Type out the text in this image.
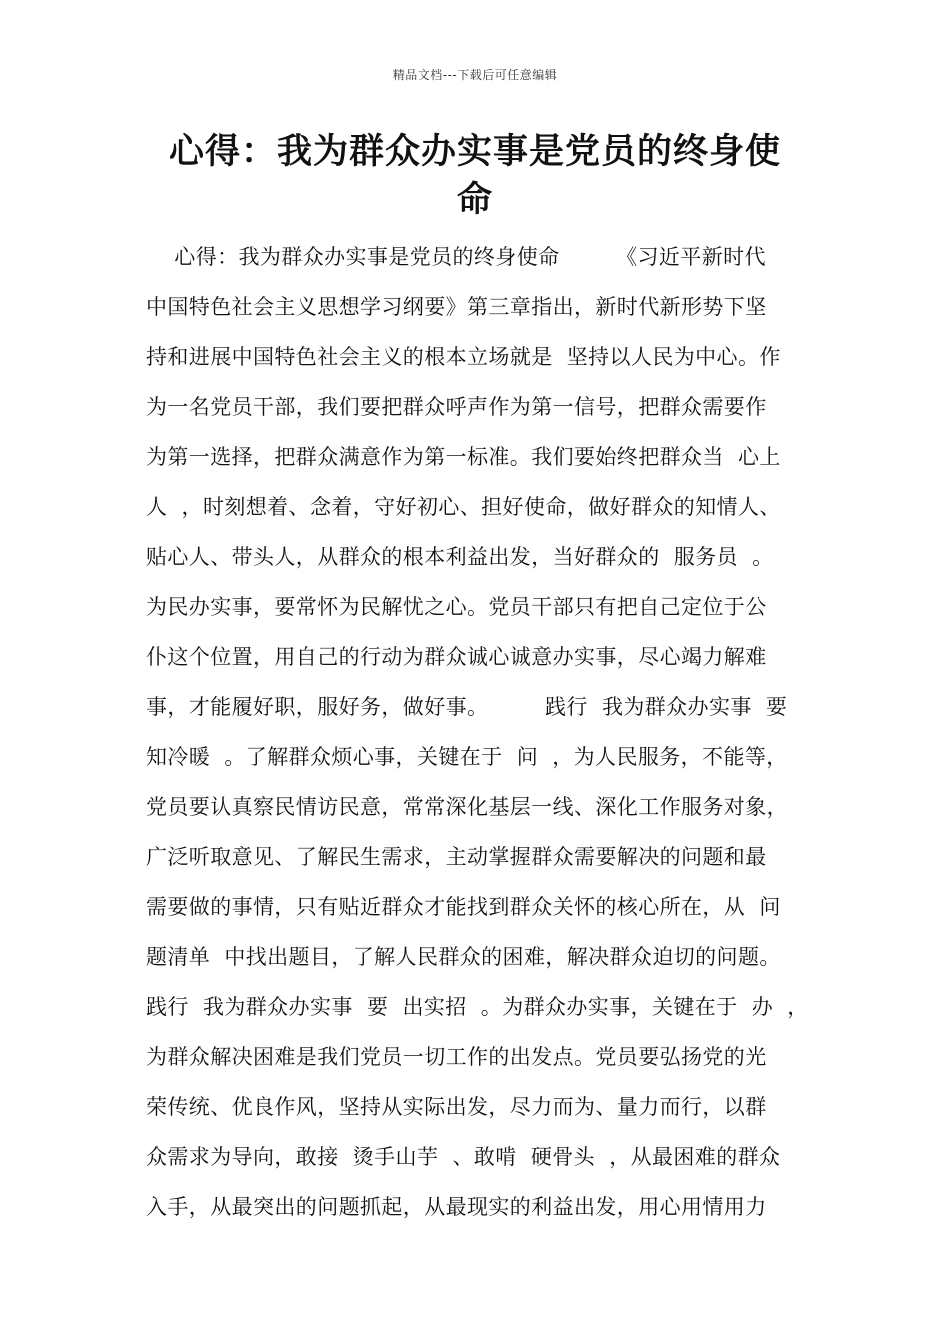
精品文档---下载后可任意编辑
心得：我为群众办实事是党员的终身使
命
心得：我为群众办实事是党员的终身使命        《习近平新时代
中国特色社会主义思想学习纲要》第三章指出，新时代新形势下坚
持和进展中国特色社会主义的根本立场就是  坚持以人民为中心。作
为一名党员干部，我们要把群众呼声作为第一信号，把群众需要作
为第一选择，把群众满意作为第一标准。我们要始终把群众当  心上
人  ，时刻想着、念着，守好初心、担好使命，做好群众的知情人、
贴心人、带头人，从群众的根本利益出发，当好群众的  服务员  。
为民办实事，要常怀为民解忧之心。党员干部只有把自己定位于公
仆这个位置，用自己的行动为群众诚心诚意办实事，尽心竭力解难
事，才能履好职，服好务，做好事。        践行  我为群众办实事  要
知冷暖  。了解群众烦心事，关键在于  问  ，为人民服务，不能等，
党员要认真察民情访民意，常常深化基层一线、深化工作服务对象，
广泛听取意见、了解民生需求，主动掌握群众需要解决的问题和最
需要做的事情，只有贴近群众才能找到群众关怀的核心所在，从  问
题清单  中找出题目，了解人民群众的困难，解决群众迫切的问题。
践行  我为群众办实事  要  出实招  。为群众办实事，关键在于  办  ，
为群众解决困难是我们党员一切工作的出发点。党员要弘扬党的光
荣传统、优良作风，坚持从实际出发，尽力而为、量力而行，以群
众需求为导向，敢接  烫手山芋  、敢啃  硬骨头  ，从最困难的群众
入手，从最突出的问题抓起，从最现实的利益出发，用心用情用力
